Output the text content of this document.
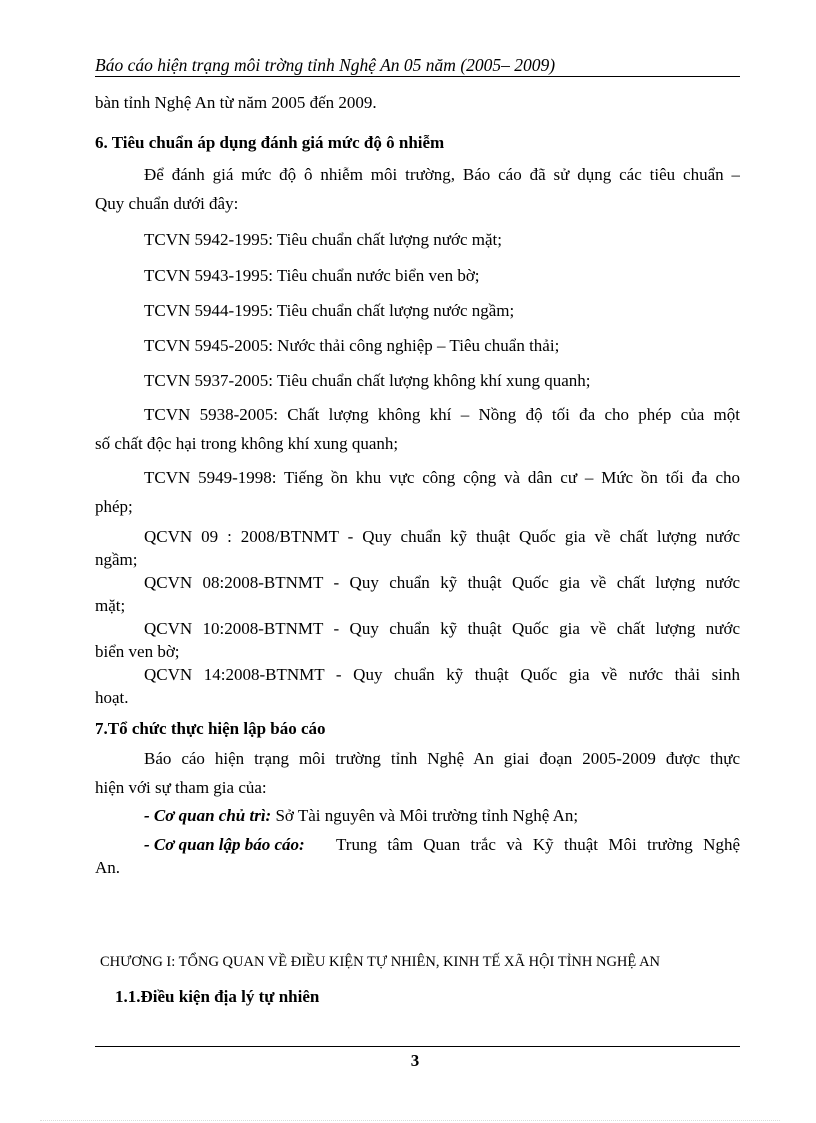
Báo cáo hiện trạng môi trờng tỉnh Nghệ An 05 năm (2005– 2009)
bàn tỉnh Nghệ An từ năm 2005 đến 2009.
6. Tiêu chuẩn áp dụng đánh giá mức độ ô nhiễm
Để đánh giá mức độ ô nhiễm môi trường, Báo cáo đã sử dụng các tiêu chuẩn –
Quy chuẩn dưới đây:
TCVN 5942-1995: Tiêu chuẩn chất lượng nước mặt;
TCVN 5943-1995: Tiêu chuẩn nước biển ven bờ;
TCVN 5944-1995: Tiêu chuẩn chất lượng nước ngầm;
TCVN 5945-2005: Nước thải công nghiệp – Tiêu chuẩn thải;
TCVN 5937-2005: Tiêu chuẩn chất lượng không khí xung quanh;
TCVN 5938-2005: Chất lượng không khí – Nồng độ tối đa cho phép của một
số chất độc hại trong không khí xung quanh;
TCVN 5949-1998: Tiếng ồn khu vực công cộng và dân cư – Mức ồn tối đa cho
phép;
QCVN 09 : 2008/BTNMT - Quy chuẩn kỹ thuật Quốc gia về chất lượng nước
ngầm;
QCVN 08:2008-BTNMT - Quy chuẩn kỹ thuật Quốc gia về chất lượng nước
mặt;
QCVN 10:2008-BTNMT - Quy chuẩn kỹ thuật Quốc gia về chất lượng nước
biển ven bờ;
QCVN 14:2008-BTNMT - Quy chuẩn kỹ thuật Quốc gia về nước thải sinh
hoạt.
7.Tổ chức thực hiện lập báo cáo
Báo cáo hiện trạng môi trường tỉnh Nghệ An giai đoạn 2005-2009 được thực
hiện với sự tham gia của:
- Cơ quan chủ trì: Sở Tài nguyên và Môi trường tỉnh Nghệ An;
- Cơ quan lập báo cáo: Trung tâm Quan trắc và Kỹ thuật Môi trường Nghệ
An.
CHƯƠNG I: TỔNG QUAN VỀ ĐIỀU KIỆN TỰ NHIÊN, KINH TẾ XÃ HỘI TỈNH NGHỆ AN
1.1.Điều kiện địa lý tự nhiên
3
